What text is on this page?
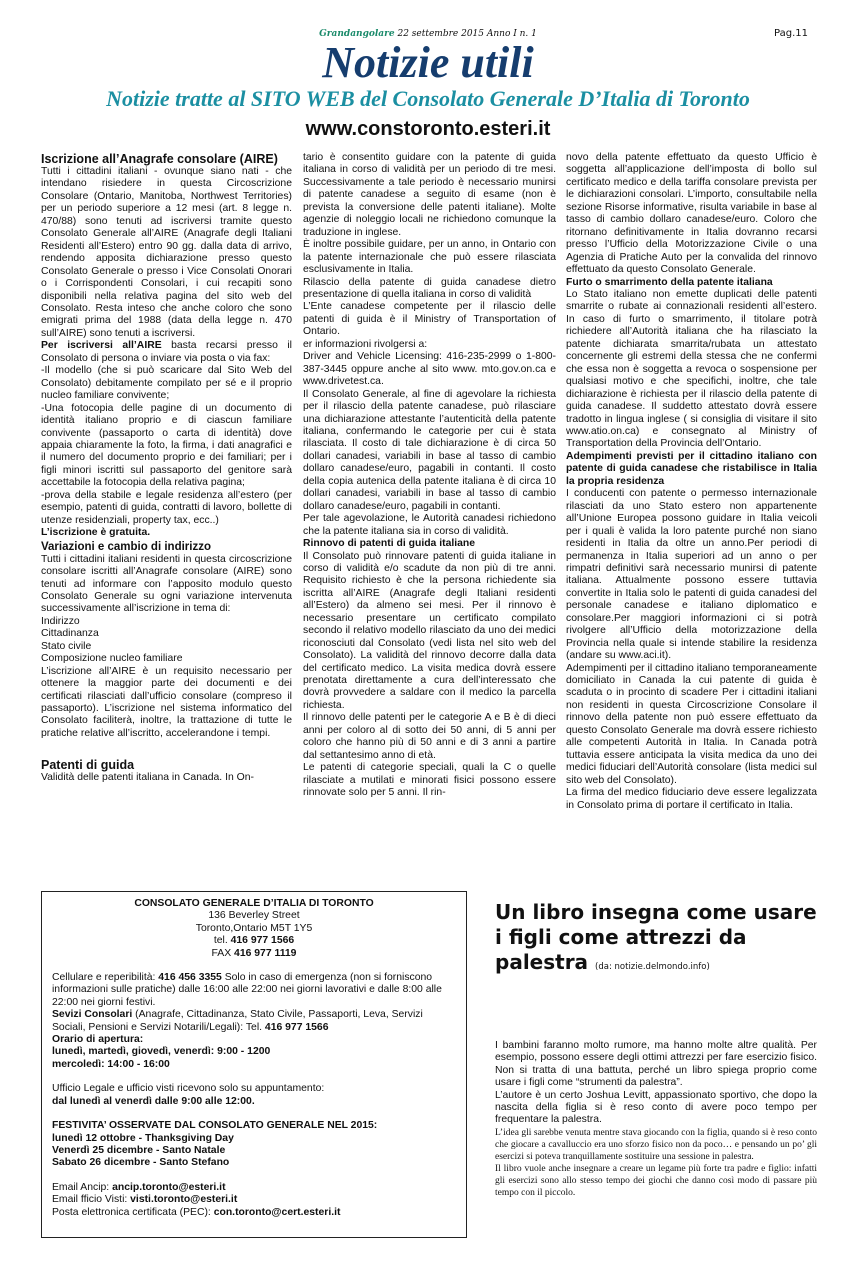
Grandangolare 22 settembre 2015 Anno I n. 1	Pag.11
Notizie utili
Notizie tratte al SITO WEB del Consolato Generale D’Italia di Toronto
www.constoronto.esteri.it

Iscrizione all’Anagrafe consolare (AIRE)

Tutti i cittadini italiani - ovunque siano nati - che intendano risiedere in questa Circoscrizione Consolare (Ontario, Manitoba, Northwest Territories) per un periodo superiore a 12 mesi (art. 8 legge n. 470/88) sono tenuti ad iscriversi tramite questo Consolato Generale all’AIRE (Anagrafe degli Italiani Residenti all’Estero) entro 90 gg. dalla data di arrivo, rendendo apposita dichiarazione presso questo Consolato Generale o presso i Vice Consolati Onorari o i Corrispondenti Consolari, i cui recapiti sono disponibili nella relativa pagina del sito web del Consolato. Resta inteso che anche coloro che sono emigrati prima del 1988 (data della legge n. 470 sull’AIRE) sono tenuti a iscriversi.

Per iscriversi all’AIRE basta recarsi presso il Consolato di persona o inviare via posta o via fax:

-Il modello (che si può scaricare dal Sito Web del Consolato) debitamente compilato per sé e il proprio nucleo familiare convivente;

-Una fotocopia delle pagine di un documento di identità italiano proprio e di ciascun familiare convivente (passaporto o carta di identità) dove appaia chiaramente la foto, la firma, i dati anagrafici e il numero del documento proprio e dei familiari; per i figli minori iscritti sul passaporto del genitore sarà accettabile la fotocopia della relativa pagina;

-prova della stabile e legale residenza all’estero (per esempio, patenti di guida, contratti di lavoro, bollette di utenze residenziali, property tax, ecc..)

L’iscrizione è gratuita.

Variazioni e cambio di indirizzo

Tutti i cittadini italiani residenti in questa circoscrizione consolare iscritti all’Anagrafe consolare (AIRE) sono tenuti ad informare con l’apposito modulo questo Consolato Generale su ogni variazione intervenuta successivamente all’iscrizione in tema di:

Indirizzo

Cittadinanza

Stato civile

Composizione nucleo familiare

L’iscrizione all’AIRE è un requisito necessario per ottenere la maggior parte dei documenti e dei certificati rilasciati dall’ufficio consolare (compreso il passaporto). L’iscrizione nel sistema informatico del Consolato faciliterà, inoltre, la trattazione di tutte le pratiche relative all’iscritto, accelerandone i tempi.

Patenti di guida

Validità delle patenti italiana in Canada. In On-

tario è consentito guidare con la patente di guida italiana in corso di validità per un periodo di tre mesi. Successivamente a tale periodo è necessario munirsi di patente canadese a seguito di esame (non è prevista la conversione delle patenti italiane). Molte agenzie di noleggio locali ne richiedono comunque la traduzione in inglese.

È inoltre possibile guidare, per un anno, in Ontario con la patente internazionale che può essere rilasciata esclusivamente in Italia.

Rilascio della patente di guida canadese dietro presentazione di quella italiana in corso di validità

L’Ente canadese competente per il rilascio delle patenti di guida è il Ministry of Transportation of Ontario.

er informazioni rivolgersi a:

Driver and Vehicle Licensing: 416-235-2999 o 1-800-387-3445 oppure anche al sito www. mto.gov.on.ca e www.drivetest.ca.

Il Consolato Generale, al fine di agevolare la richiesta per il rilascio della patente canadese, può rilasciare una dichiarazione attestante l’autenticità della patente italiana, confermando le categorie per cui è stata rilasciata. Il costo di tale dichiarazione è di circa 50 dollari canadesi, variabili in base al tasso di cambio dollaro canadese/euro, pagabili in contanti. Il costo della copia autenica della patente italiana è di circa 10 dollari canadesi, variabili in base al tasso di cambio dollaro canadese/euro, pagabili in contanti.

Per tale agevolazione, le Autorità canadesi richiedono che la patente italiana sia in corso di validità.

Rinnovo di patenti di guida italiane

Il Consolato può rinnovare patenti di guida italiane in corso di validità e/o scadute da non più di tre anni. Requisito richiesto è che la persona richiedente sia iscritta all’AIRE (Anagrafe degli Italiani residenti all’Estero) da almeno sei mesi. Per il rinnovo è necessario presentare un certificato compilato secondo il relativo modello rilasciato da uno dei medici riconosciuti dal Consolato (vedi lista nel sito web del Consolato). La validità del rinnovo decorre dalla data del certificato medico. La visita medica dovrà essere prenotata direttamente a cura dell’interessato che dovrà provvedere a saldare con il medico la parcella richiesta.

Il rinnovo delle patenti per le categorie A e B è di dieci anni per coloro al di sotto dei 50 anni, di 5 anni per coloro che hanno più di 50 anni e di 3 anni a partire dal settantesimo anno di età.

Le patenti di categorie speciali, quali la C o quelle rilasciate a mutilati e minorati fisici possono essere rinnovate solo per 5 anni. Il rin-

novo della patente effettuato da questo Ufficio è soggetta all’applicazione dell’imposta di bollo sul certificato medico e della tariffa consolare prevista per le dichiarazioni consolari. L’importo, consultabile nella sezione Risorse informative, risulta variabile in base al tasso di cambio dollaro canadese/euro. Coloro che ritornano definitivamente in Italia dovranno recarsi presso l’Ufficio della Motorizzazione Civile o una Agenzia di Pratiche Auto per la convalida del rinnovo effettuato da questo Consolato Generale.

Furto o smarrimento della patente italiana

Lo Stato italiano non emette duplicati delle patenti smarrite o rubate ai connazionali residenti all’estero. In caso di furto o smarrimento, il titolare potrà richiedere all’Autorità italiana che ha rilasciato la patente dichiarata smarrita/rubata un attestato concernente gli estremi della stessa che ne confermi che essa non è soggetta a revoca o sospensione per qualsiasi motivo e che specifichi, inoltre, che tale dichiarazione è richiesta per il rilascio della patente di guida canadese. Il suddetto attestato dovrà essere tradotto in lingua inglese ( si consiglia di visitare il sito www.atio.on.ca) e consegnato al Ministry of Transportation della Provincia dell’Ontario.

Adempimenti previsti per il cittadino italiano con patente di guida canadese che ristabilisce in Italia la propria residenza

I conducenti con patente o permesso internazionale rilasciati da uno Stato estero non appartenente all’Unione Europea possono guidare in Italia veicoli per i quali è valida la loro patente purché non siano residenti in Italia da oltre un anno.Per periodi di permanenza in Italia superiori ad un anno o per rimpatri definitivi sarà necessario munirsi di patente italiana. Attualmente possono essere tuttavia convertite in Italia solo le patenti di guida canadesi del personale canadese e italiano diplomatico e consolare.Per maggiori informazioni ci si potrà rivolgere all’Ufficio della motorizzazione della Provincia nella quale si intende stabilire la residenza (andare su www.aci.it).

Adempimenti per il cittadino italiano temporaneamente domiciliato in Canada la cui patente di guida è scaduta o in procinto di scadere Per i cittadini italiani non residenti in questa Circoscrizione Consolare il rinnovo della patente non può essere effettuato da questo Consolato Generale ma dovrà essere richiesto alle competenti Autorità in Italia. In Canada potrà tuttavia essere anticipata la visita medica da uno dei medici fiduciari dell’Autorità consolare (lista medici sul sito web del Consolato).

La firma del medico fiduciario deve essere legalizzata in Consolato prima di portare il certificato in Italia.

CONSOLATO GENERALE D’ITALIA DI TORONTO

136 Beverley Street

Toronto,Ontario M5T 1Y5

tel. 416 977 1566

FAX 416 977 1119

Cellulare e reperibilità: 416 456 3355 Solo in caso di emergenza (non si forniscono informazioni sulle pratiche) dalle 16:00 alle 22:00 nei giorni lavorativi e dalle 8:00 alle 22:00 nei giorni festivi.

Sevizi Consolari (Anagrafe, Cittadinanza, Stato Civile, Passaporti, Leva, Servizi Sociali, Pensioni e Servizi Notarili/Legali): Tel. 416 977 1566

Orario di apertura:

lunedì, martedì, giovedì, venerdì: 9:00 - 1200

mercoledì: 14:00 - 16:00

Ufficio Legale e ufficio visti ricevono solo su appuntamento:

dal lunedì al venerdì dalle 9:00 alle 12:00.

FESTIVITA’ OSSERVATE DAL CONSOLATO GENERALE NEL 2015:

lunedì 12 ottobre - Thanksgiving Day

Venerdì 25 dicembre - Santo Natale

Sabato 26 dicembre - Santo Stefano

Email Ancip: ancip.toronto@esteri.it

Email fficio Visti: visti.toronto@esteri.it

Posta elettronica certificata (PEC): con.toronto@cert.esteri.it

Un libro insegna come usare i figli come attrezzi da palestra (da: notizie.delmondo.info)

I bambini faranno molto rumore, ma hanno molte altre qualità. Per esempio, possono essere degli ottimi attrezzi per fare esercizio fisico. Non si tratta di una battuta, perché un libro spiega proprio come usare i figli come “strumenti da palestra”.

L’autore è un certo Joshua Levitt, appassionato sportivo, che dopo la nascita della figlia si è reso conto di avere poco tempo per frequentare la palestra.

L’idea gli sarebbe venuta mentre stava giocando con la figlia, quando si è reso conto che giocare a cavalluccio era uno sforzo fisico non da poco… e pensando un po’ gli esercizi si poteva tranquillamente sostituire una sessione in palestra.

Il libro vuole anche insegnare a creare un legame più forte tra padre e figlio: infatti gli esercizi sono allo stesso tempo dei giochi che danno così modo di passare più tempo con il piccolo.
